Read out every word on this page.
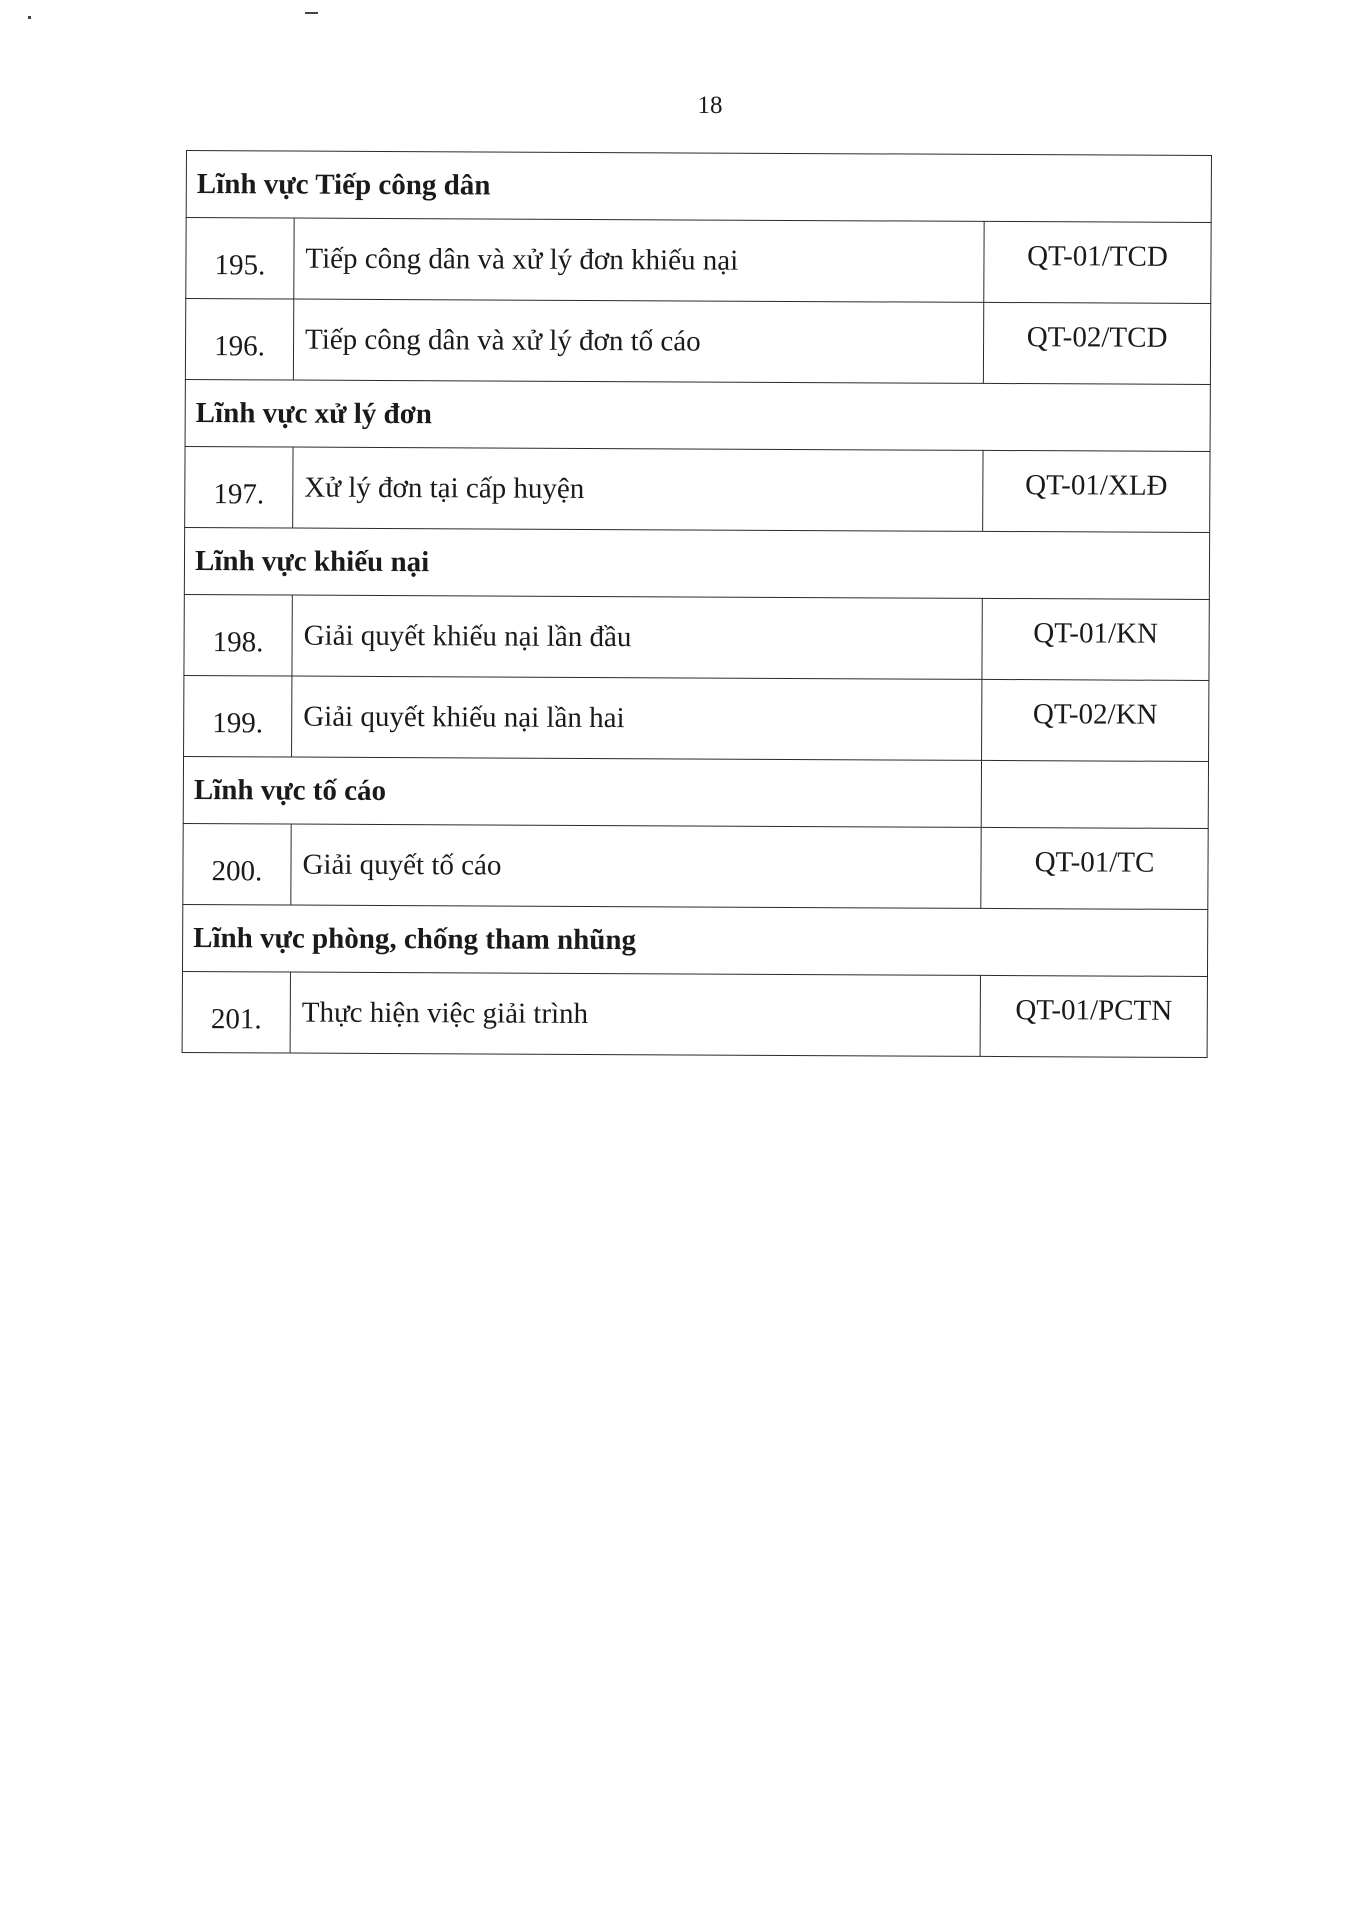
18
Lĩnh vực Tiếp công dân		
195.	Tiếp công dân và xử lý đơn khiếu nại	QT-01/TCD
196.	Tiếp công dân và xử lý đơn tố cáo	QT-02/TCD
Lĩnh vực xử lý đơn		
197.	Xử lý đơn tại cấp huyện	QT-01/XLĐ
Lĩnh vực khiếu nại		
198.	Giải quyết khiếu nại lần đầu	QT-01/KN
199.	Giải quyết khiếu nại lần hai	QT-02/KN
Lĩnh vực tố cáo		
200.	Giải quyết tố cáo	QT-01/TC
Lĩnh vực phòng, chống tham nhũng		
201.	Thực hiện việc giải trình	QT-01/PCTN
